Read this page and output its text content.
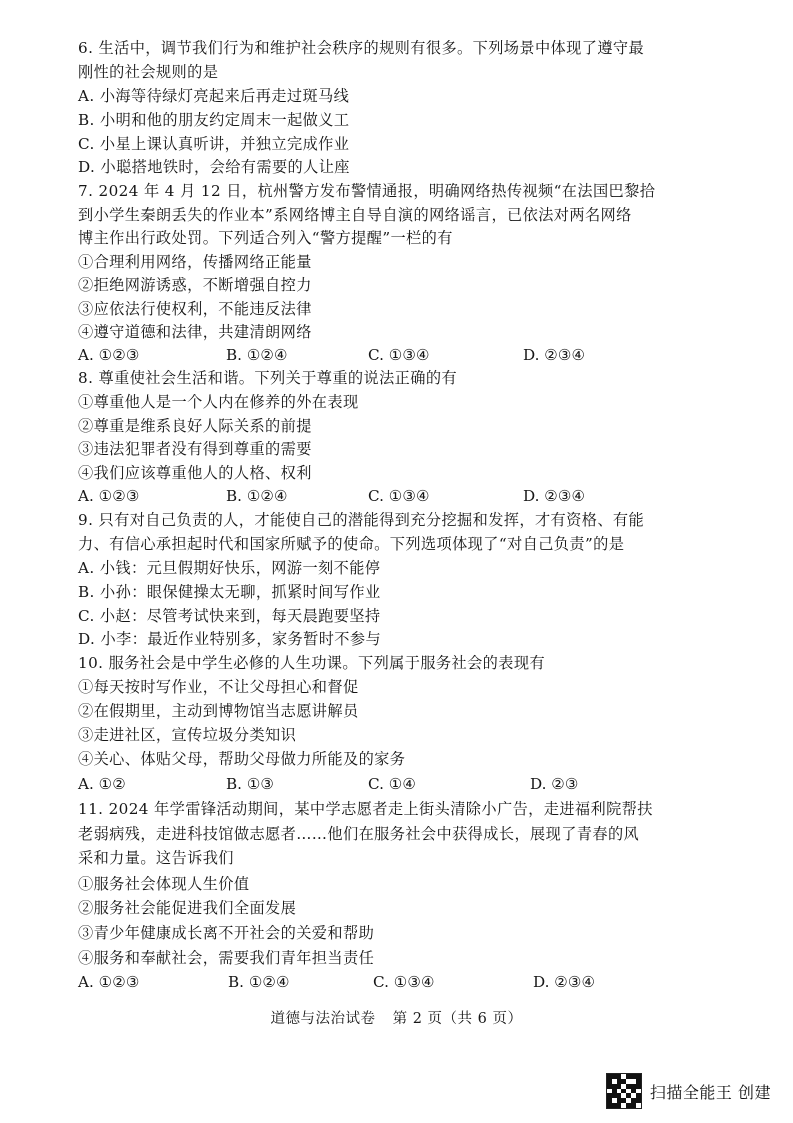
6. 生活中，调节我们行为和维护社会秩序的规则有很多。下列场景中体现了遵守最
刚性的社会规则的是
A. 小海等待绿灯亮起来后再走过斑马线
B. 小明和他的朋友约定周末一起做义工
C. 小星上课认真听讲，并独立完成作业
D. 小聪搭地铁时，会给有需要的人让座
7. 2024 年 4 月 12 日，杭州警方发布警情通报，明确网络热传视频“在法国巴黎拾
到小学生秦朗丢失的作业本”系网络博主自导自演的网络谣言，已依法对两名网络
博主作出行政处罚。下列适合列入“警方提醒”一栏的有
①合理利用网络，传播网络正能量
②拒绝网游诱惑，不断增强自控力
③应依法行使权利，不能违反法律
④遵守道德和法律，共建清朗网络
A. ①②③	B. ①②④	C. ①③④	D. ②③④
8. 尊重使社会生活和谐。下列关于尊重的说法正确的有
①尊重他人是一个人内在修养的外在表现
②尊重是维系良好人际关系的前提
③违法犯罪者没有得到尊重的需要
④我们应该尊重他人的人格、权利
A. ①②③	B. ①②④	C. ①③④	D. ②③④
9. 只有对自己负责的人，才能使自己的潜能得到充分挖掘和发挥，才有资格、有能
力、有信心承担起时代和国家所赋予的使命。下列选项体现了“对自己负责”的是
A. 小钱：元旦假期好快乐，网游一刻不能停
B. 小孙：眼保健操太无聊，抓紧时间写作业
C. 小赵：尽管考试快来到，每天晨跑要坚持
D. 小李：最近作业特别多，家务暂时不参与
10. 服务社会是中学生必修的人生功课。下列属于服务社会的表现有
①每天按时写作业，不让父母担心和督促
②在假期里，主动到博物馆当志愿讲解员
③走进社区，宣传垃圾分类知识
④关心、体贴父母，帮助父母做力所能及的家务
A. ①②	B. ①③	C. ①④	D. ②③
11. 2024 年学雷锋活动期间，某中学志愿者走上街头清除小广告，走进福利院帮扶
老弱病残，走进科技馆做志愿者……他们在服务社会中获得成长，展现了青春的风
采和力量。这告诉我们
①服务社会体现人生价值
②服务社会能促进我们全面发展
③青少年健康成长离不开社会的关爱和帮助
④服务和奉献社会，需要我们青年担当责任
A. ①②③	B. ①②④	C. ①③④	D. ②③④
道德与法治试卷 第 2 页（共 6 页）
扫描全能王 创建
